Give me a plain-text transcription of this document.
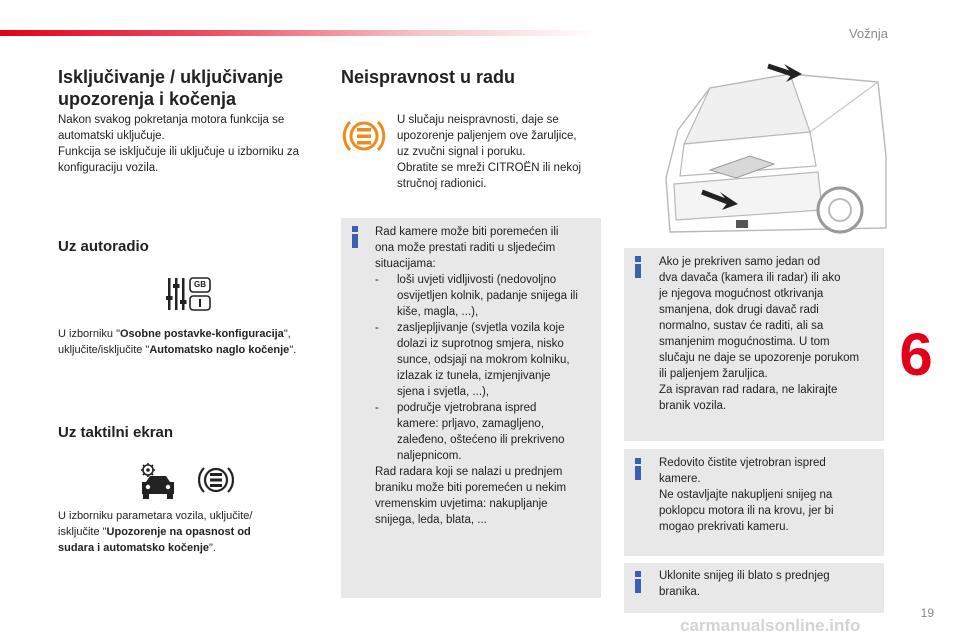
Vožnja
Isključivanje / uključivanje
upozorenja i kočenja
Nakon svakog pokretanja motora funkcija se
automatski uključuje.
Funkcija se isključuje ili uključuje u izborniku za
konfiguraciju vozila.
Uz autoradio
GB
U izborniku "Osobne postavke-konfiguracija",
uključite/isključite "Automatsko naglo kočenje".
Uz taktilni ekran
U izborniku parametara vozila, uključite/
isključite "Upozorenje na opasnost od
sudara i automatsko kočenje".
Neispravnost u radu
U slučaju neispravnosti, daje se
upozorenje paljenjem ove žaruljice,
uz zvučni signal i poruku.
Obratite se mreži CITROËN ili nekoj
stručnoj radionici.
Rad kamere može biti poremećen ili
ona može prestati raditi u sljedećim
situacijama:
- loši uvjeti vidljivosti (nedovoljno
osvijetljen kolnik, padanje snijega ili
kiše, magla, ...),
- zasljepljivanje (svjetla vozila koje
dolazi iz suprotnog smjera, nisko
sunce, odsjaji na mokrom kolniku,
izlazak iz tunela, izmjenjivanje
sjena i svjetla, ...),
- područje vjetrobrana ispred
kamere: prljavo, zamagljeno,
zaleđeno, oštećeno ili prekriveno
naljepnicom.
Rad radara koji se nalazi u prednjem
braniku može biti poremećen u nekim
vremenskim uvjetima: nakupljanje
snijega, leda, blata, ...
Ako je prekriven samo jedan od
dva davača (kamera ili radar) ili ako
je njegova mogućnost otkrivanja
smanjena, dok drugi davač radi
normalno, sustav će raditi, ali sa
smanjenim mogućnostima. U tom
slučaju ne daje se upozorenje porukom
ili paljenjem žaruljica.
Za ispravan rad radara, ne lakirajte
branik vozila.
Redovito čistite vjetrobran ispred
kamere.
Ne ostavljajte nakupljeni snijeg na
poklopcu motora ili na krovu, jer bi
mogao prekrivati kameru.
Uklonite snijeg ili blato s prednjeg
branika.
6
carmanualsonline.info
19
